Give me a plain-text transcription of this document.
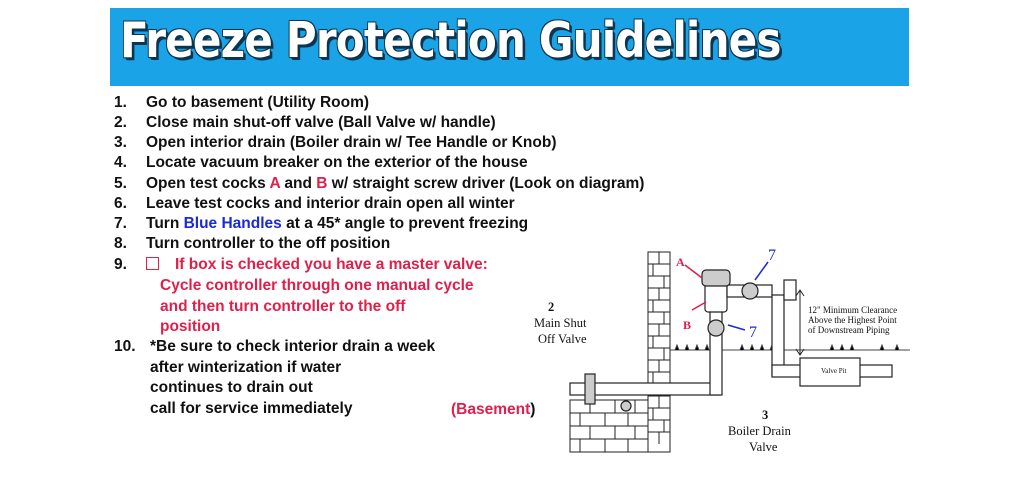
Freeze Protection Guidelines
1.	Go to basement (Utility Room)
2.	Close main shut-off valve (Ball Valve w/ handle)
3.	Open interior drain (Boiler drain w/ Tee Handle or Knob)
4.	Locate vacuum breaker on the exterior of the house
5.	Open test cocks A and B w/ straight screw driver (Look on diagram)
6.	Leave test cocks and interior drain open all winter
7.	Turn Blue Handles at a 45* angle to prevent freezing
8.	Turn controller to the off position
9.	If box is checked you have a master valve:
Cycle controller through one manual cycle
and then turn controller to the off
position
10. *Be sure to check interior drain a week
after winterization if water
continues to drain out
call for service immediately	(Basement)
2
Main Shut
Off Valve
3
Boiler Drain
Valve
A
B
7
7
12" Minimum Clearance
Above the Highest Point
of Downstream Piping
Valve Pit
